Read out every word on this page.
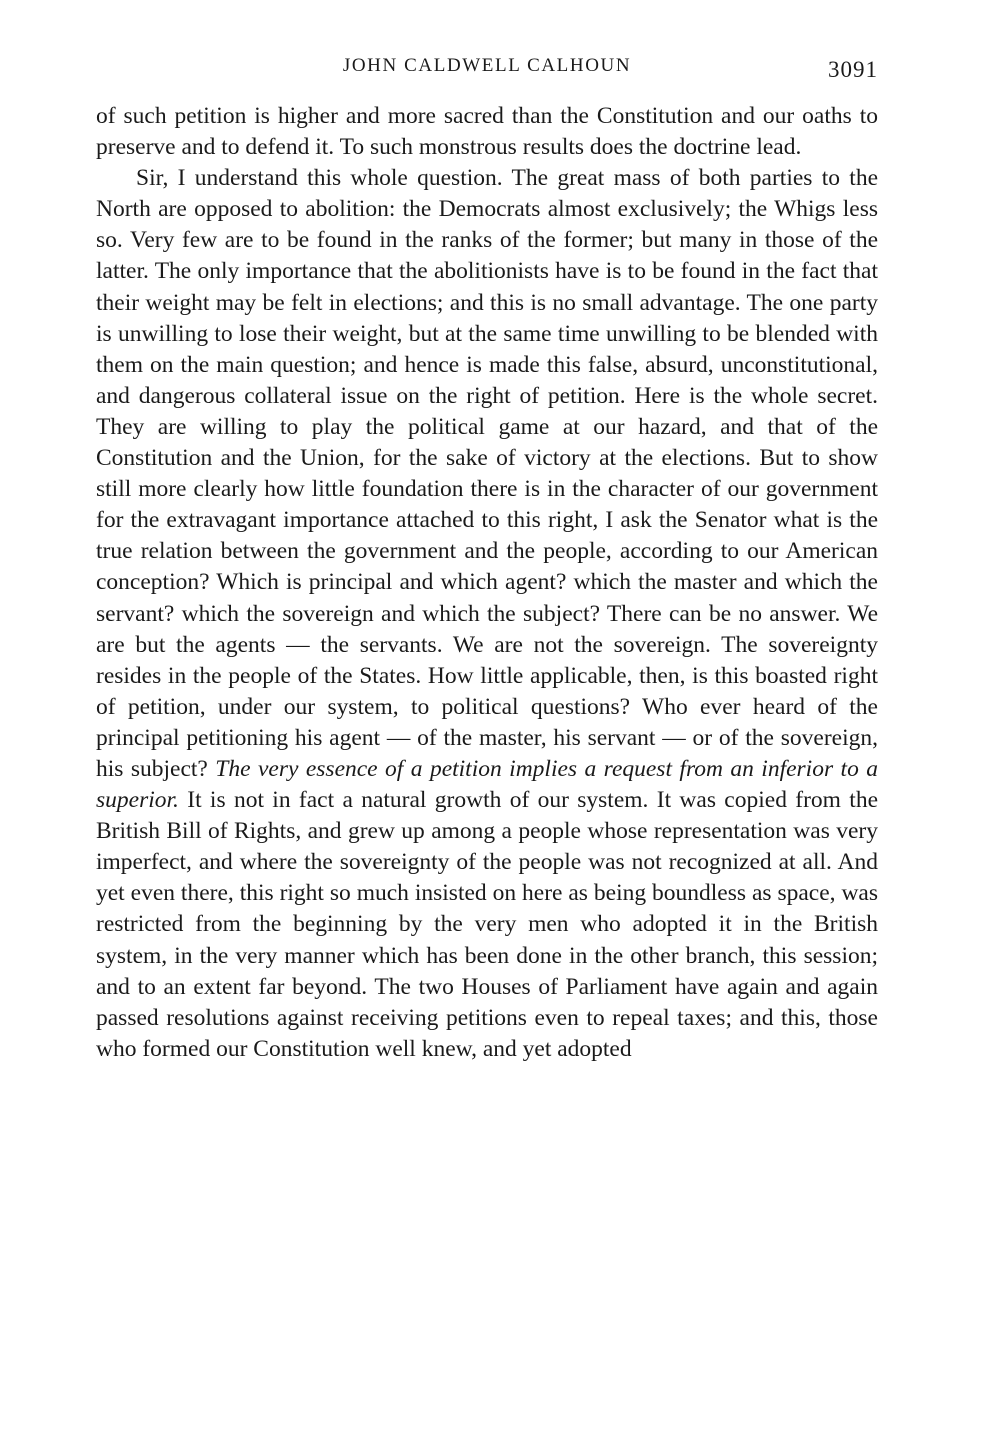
JOHN CALDWELL CALHOUN	3091

of such petition is higher and more sacred than the Constitution and our oaths to preserve and to defend it. To such monstrous results does the doctrine lead.

Sir, I understand this whole question. The great mass of both parties to the North are opposed to abolition: the Democrats almost exclusively; the Whigs less so. Very few are to be found in the ranks of the former; but many in those of the latter. The only importance that the abolitionists have is to be found in the fact that their weight may be felt in elections; and this is no small advantage. The one party is unwilling to lose their weight, but at the same time unwilling to be blended with them on the main question; and hence is made this false, absurd, unconstitutional, and dangerous collateral issue on the right of petition. Here is the whole secret. They are willing to play the political game at our hazard, and that of the Constitution and the Union, for the sake of victory at the elections. But to show still more clearly how little foundation there is in the character of our government for the extravagant importance attached to this right, I ask the Senator what is the true relation between the government and the people, according to our American conception? Which is principal and which agent? which the master and which the servant? which the sovereign and which the subject? There can be no answer. We are but the agents — the servants. We are not the sovereign. The sovereignty resides in the people of the States. How little applicable, then, is this boasted right of petition, under our system, to political questions? Who ever heard of the principal petitioning his agent — of the master, his servant — or of the sovereign, his subject? The very essence of a petition implies a request from an inferior to a superior. It is not in fact a natural growth of our system. It was copied from the British Bill of Rights, and grew up among a people whose representation was very imperfect, and where the sovereignty of the people was not recognized at all. And yet even there, this right so much insisted on here as being boundless as space, was restricted from the beginning by the very men who adopted it in the British system, in the very manner which has been done in the other branch, this session; and to an extent far beyond. The two Houses of Parliament have again and again passed resolutions against receiving petitions even to repeal taxes; and this, those who formed our Constitution well knew, and yet adopted
